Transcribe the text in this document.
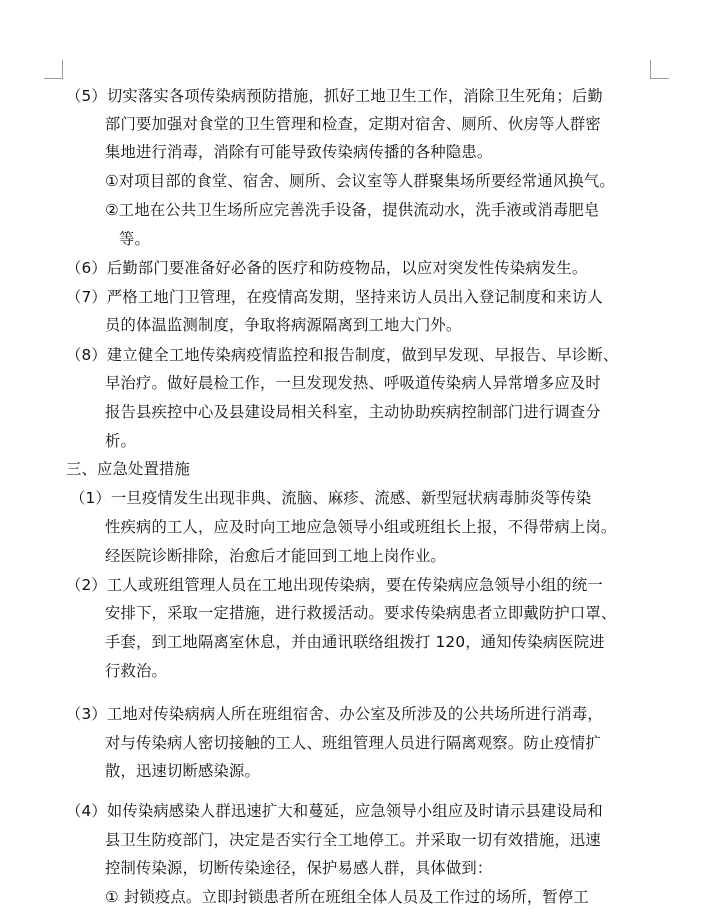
（5）切实落实各项传染病预防措施，抓好工地卫生工作，消除卫生死角；后勤
部门要加强对食堂的卫生管理和检查，定期对宿舍、厕所、伙房等人群密
集地进行消毒，消除有可能导致传染病传播的各种隐患。
①对项目部的食堂、宿舍、厕所、会议室等人群聚集场所要经常通风换气。
②工地在公共卫生场所应完善洗手设备，提供流动水，洗手液或消毒肥皂
等。
（6）后勤部门要准备好必备的医疗和防疫物品，以应对突发性传染病发生。
（7）严格工地门卫管理，在疫情高发期，坚持来访人员出入登记制度和来访人
员的体温监测制度，争取将病源隔离到工地大门外。
（8）建立健全工地传染病疫情监控和报告制度，做到早发现、早报告、早诊断、
早治疗。做好晨检工作，一旦发现发热、呼吸道传染病人异常增多应及时
报告县疾控中心及县建设局相关科室，主动协助疾病控制部门进行调查分
析。
三、应急处置措施
（1）一旦疫情发生出现非典、流脑、麻疹、流感、新型冠状病毒肺炎等传染
性疾病的工人，应及时向工地应急领导小组或班组长上报，不得带病上岗。
经医院诊断排除，治愈后才能回到工地上岗作业。
（2）工人或班组管理人员在工地出现传染病，要在传染病应急领导小组的统一
安排下，采取一定措施，进行救援活动。要求传染病患者立即戴防护口罩、
手套，到工地隔离室休息，并由通讯联络组拨打 120，通知传染病医院进
行救治。
（3）工地对传染病病人所在班组宿舍、办公室及所涉及的公共场所进行消毒，
对与传染病人密切接触的工人、班组管理人员进行隔离观察。防止疫情扩
散，迅速切断感染源。
（4）如传染病感染人群迅速扩大和蔓延，应急领导小组应及时请示县建设局和
县卫生防疫部门，决定是否实行全工地停工。并采取一切有效措施，迅速
控制传染源，切断传染途径，保护易感人群，具体做到：
① 封锁疫点。立即封锁患者所在班组全体人员及工作过的场所，暂停工
